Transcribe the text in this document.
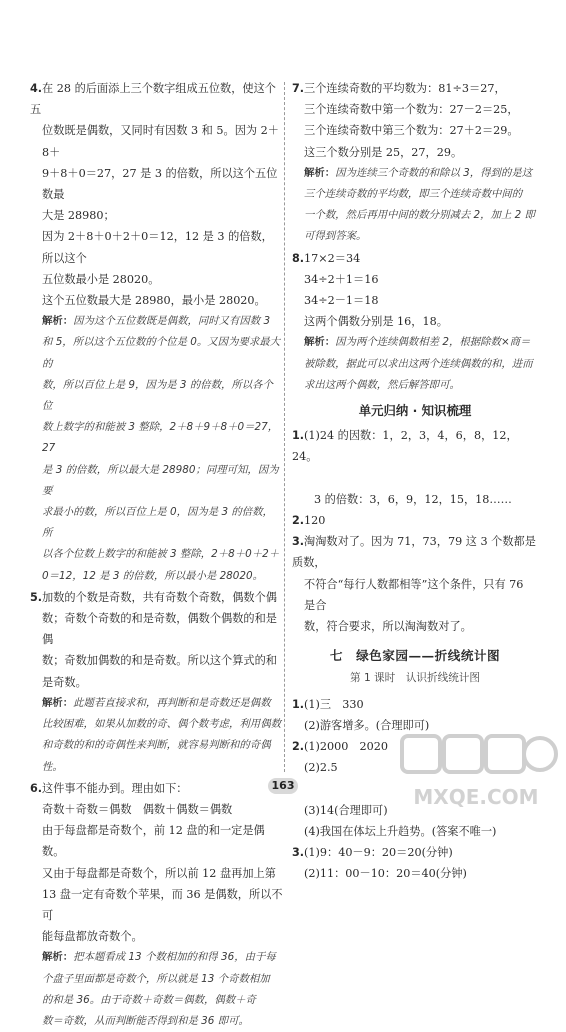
4.在 28 的后面添上三个数字组成五位数，使这个五

位数既是偶数，又同时有因数 3 和 5。因为 2＋8＋

9＋8＋0＝27，27 是 3 的倍数，所以这个五位数最

大是 28980；

因为 2＋8＋0＋2＋0＝12，12 是 3 的倍数，所以这个

五位数最小是 28020。

这个五位数最大是 28980，最小是 28020。

解析：因为这个五位数既是偶数，同时又有因数 3

和 5，所以这个五位数的个位是 0。又因为要求最大的

数，所以百位上是 9，因为是 3 的倍数，所以各个位

数上数字的和能被 3 整除，2＋8＋9＋8＋0＝27，27

是 3 的倍数，所以最大是 28980；同理可知，因为要

求最小的数，所以百位上是 0，因为是 3 的倍数，所

以各个位数上数字的和能被 3 整除，2＋8＋0＋2＋

0＝12，12 是 3 的倍数，所以最小是 28020。

5.加数的个数是奇数，共有奇数个奇数，偶数个偶

数；奇数个奇数的和是奇数，偶数个偶数的和是偶

数；奇数加偶数的和是奇数。所以这个算式的和

是奇数。

解析：此题若直接求和，再判断和是奇数还是偶数

比较困难，如果从加数的奇、偶个数考虑，利用偶数

和奇数的和的奇偶性来判断，就容易判断和的奇偶性。

6.这件事不能办到。理由如下：

奇数＋奇数＝偶数　偶数＋偶数＝偶数

由于每盘都是奇数个，前 12 盘的和一定是偶数。

又由于每盘都是奇数个，所以前 12 盘再加上第

13 盘一定有奇数个苹果，而 36 是偶数，所以不可

能每盘都放奇数个。

解析：把本题看成 13 个数相加的和得 36，由于每

个盘子里面都是奇数个，所以就是 13 个奇数相加

的和是 36。由于奇数＋奇数＝偶数，偶数＋奇

数＝奇数，从而判断能否得到和是 36 即可。

7.三个连续奇数的平均数为：81÷3＝27，

三个连续奇数中第一个数为：27－2＝25，

三个连续奇数中第三个数为：27＋2＝29。

这三个数分别是 25，27，29。

解析：因为连续三个奇数的和除以 3，得到的是这

三个连续奇数的平均数，即三个连续奇数中间的

一个数，然后再用中间的数分别减去 2，加上 2 即

可得到答案。

8.17×2＝34

34÷2＋1＝16

34÷2－1＝18

这两个偶数分别是 16，18。

解析：因为两个连续偶数相差 2，根据除数×商＝

被除数，据此可以求出这两个连续偶数的和，进而

求出这两个偶数，然后解答即可。

单元归纳 · 知识梳理

1.(1)24 的因数：1，2，3，4，6，8，12，24。

3 的倍数：3，6，9，12，15，18……

2.120

3.淘淘数对了。因为 71，73，79 这 3 个数都是质数，

不符合“每行人数都相等”这个条件，只有 76 是合

数，符合要求，所以淘淘数对了。

七　绿色家园——折线统计图
第 1 课时　认识折线统计图

1.(1)三　330

(2)游客增多。(合理即可)

2.(1)2000　2020

(2)2.5

(3)14(合理即可)

(4)我国在体坛上升趋势。(答案不唯一)

3.(1)9：40－9：20＝20(分钟)

(2)11：00－10：20＝40(分钟)

163	MXQE.COM
